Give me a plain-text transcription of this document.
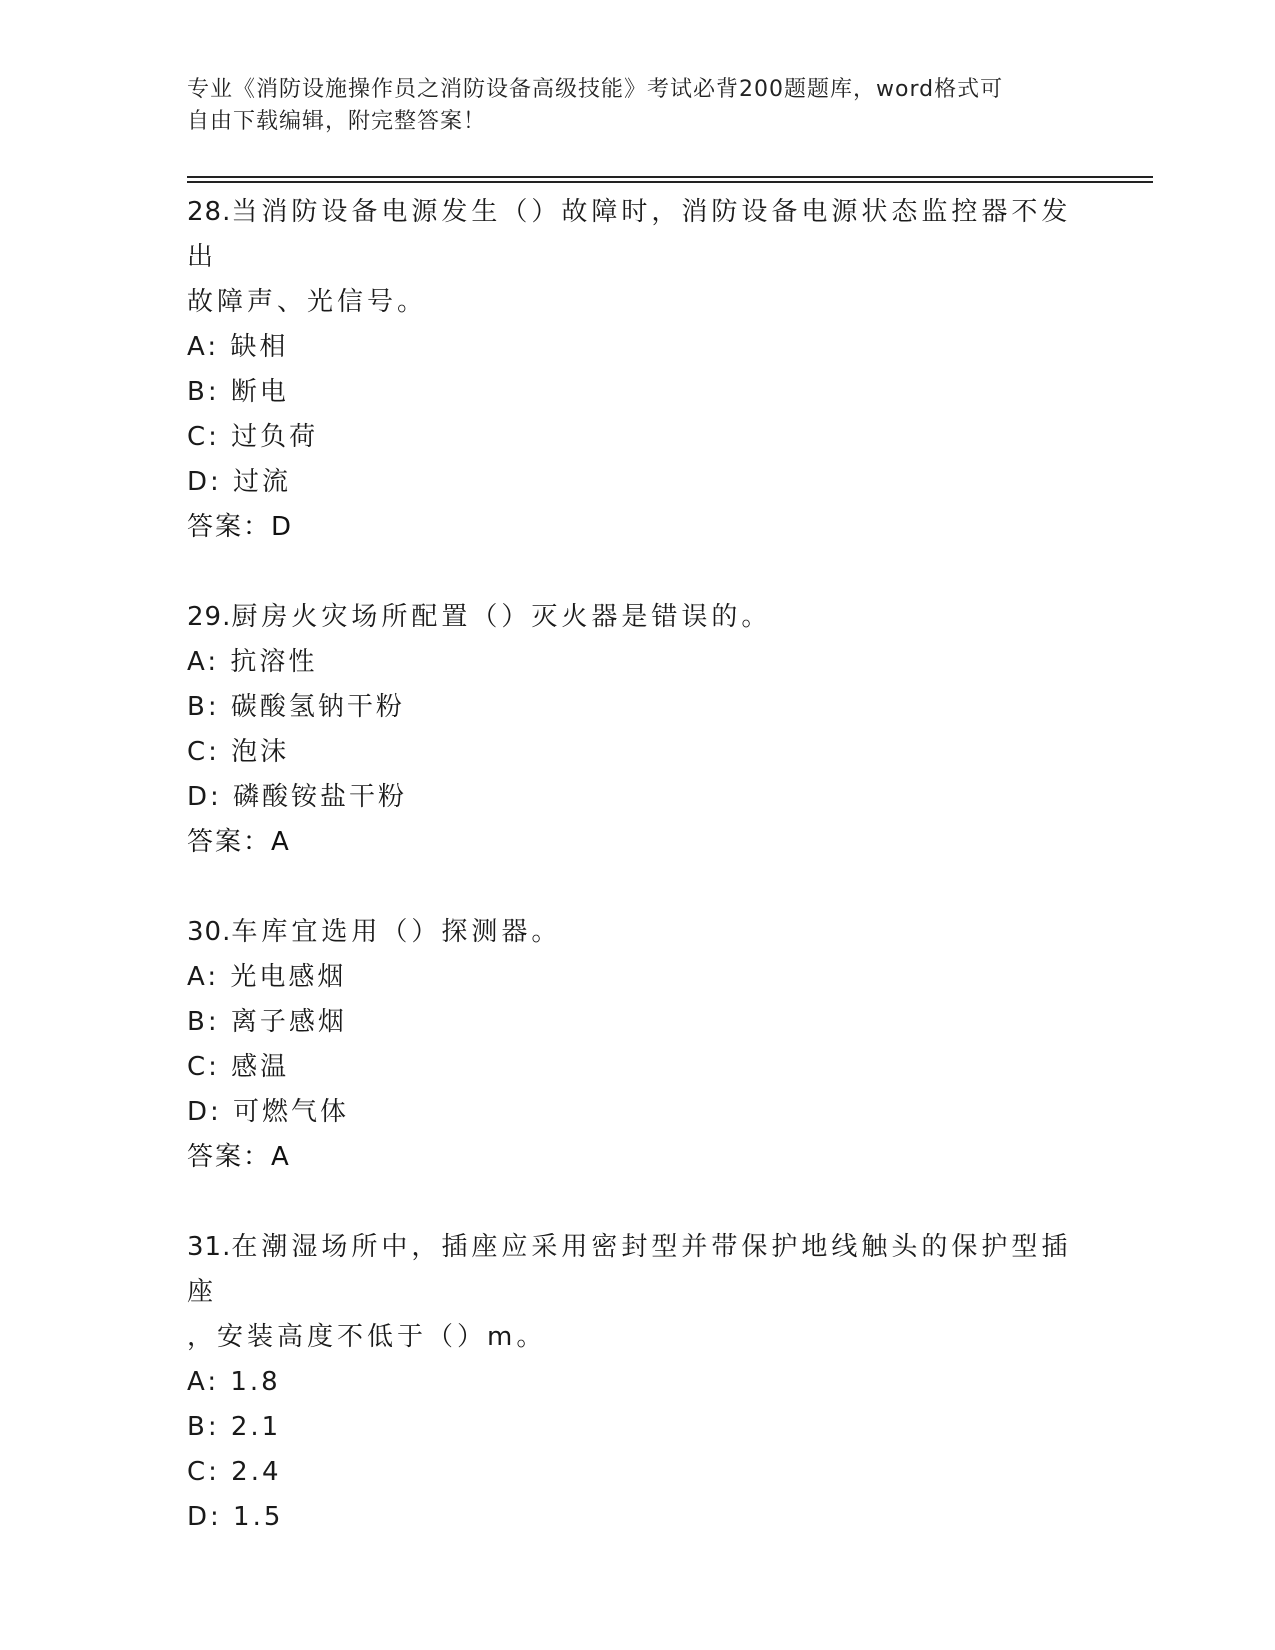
专业《消防设施操作员之消防设备高级技能》考试必背200题题库，word格式可
自由下载编辑，附完整答案！
28.当消防设备电源发生（）故障时，消防设备电源状态监控器不发出
故障声、光信号。
A: 缺相
B: 断电
C: 过负荷
D: 过流
答案：D
29.厨房火灾场所配置（）灭火器是错误的。
A: 抗溶性
B: 碳酸氢钠干粉
C: 泡沫
D: 磷酸铵盐干粉
答案：A
30.车库宜选用（）探测器。
A: 光电感烟
B: 离子感烟
C: 感温
D: 可燃气体
答案：A
31.在潮湿场所中，插座应采用密封型并带保护地线触头的保护型插座
，安装高度不低于（）m。
A: 1.8
B: 2.1
C: 2.4
D: 1.5
